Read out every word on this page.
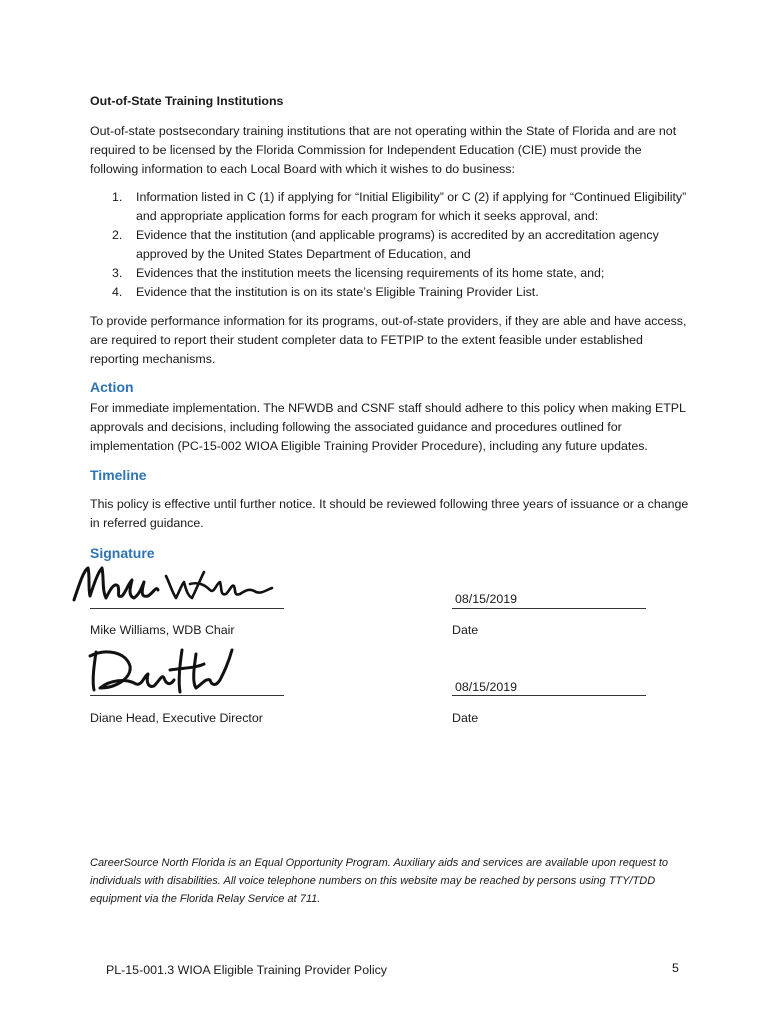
Out-of-State Training Institutions

Out-of-state postsecondary training institutions that are not operating within the State of Florida and are not required to be licensed by the Florida Commission for Independent Education (CIE) must provide the following information to each Local Board with which it wishes to do business:

1. Information listed in C (1) if applying for “Initial Eligibility” or C (2) if applying for “Continued Eligibility” and appropriate application forms for each program for which it seeks approval, and:
2. Evidence that the institution (and applicable programs) is accredited by an accreditation agency approved by the United States Department of Education, and
3. Evidences that the institution meets the licensing requirements of its home state, and;
4. Evidence that the institution is on its state’s Eligible Training Provider List.

To provide performance information for its programs, out-of-state providers, if they are able and have access, are required to report their student completer data to FETPIP to the extent feasible under established reporting mechanisms.

Action

For immediate implementation. The NFWDB and CSNF staff should adhere to this policy when making ETPL approvals and decisions, including following the associated guidance and procedures outlined for implementation (PC-15-002 WIOA Eligible Training Provider Procedure), including any future updates.

Timeline

This policy is effective until further notice. It should be reviewed following three years of issuance or a change in referred guidance.

Signature
08/15/2019
Mike Williams, WDB Chair	Date
08/15/2019
Diane Head, Executive Director	Date

CareerSource North Florida is an Equal Opportunity Program. Auxiliary aids and services are available upon request to individuals with disabilities. All voice telephone numbers on this website may be reached by persons using TTY/TDD equipment via the Florida Relay Service at 711.

PL-15-001.3 WIOA Eligible Training Provider Policy	5
